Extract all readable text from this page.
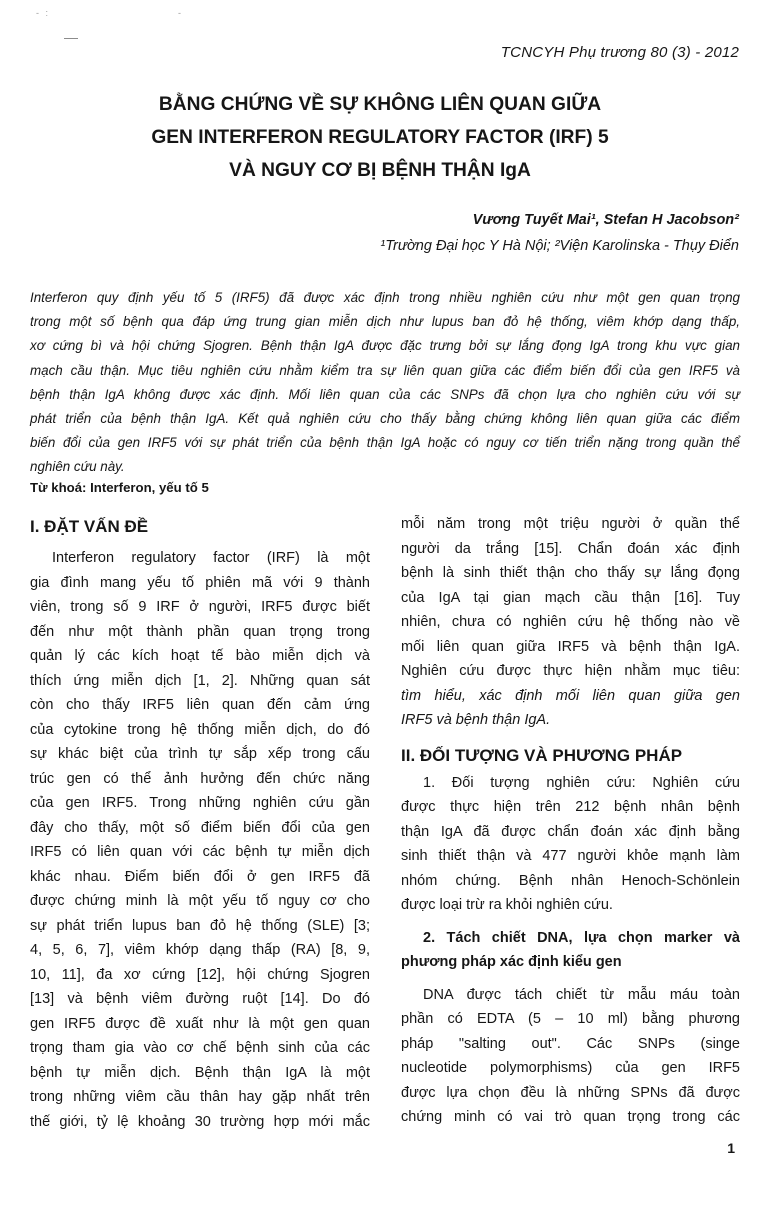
- :	-
TCNCYH Phụ trương 80 (3) - 2012

BẰNG CHỨNG VỀ SỰ KHÔNG LIÊN QUAN GIỮA

GEN INTERFERON REGULATORY FACTOR (IRF) 5

VÀ NGUY CƠ BỊ BỆNH THẬN IgA

Vương Tuyết Mai¹, Stefan H Jacobson²
¹Trường Đại học Y Hà Nội; ²Viện Karolinska - Thụy Điển

Interferon quy định yếu tố 5 (IRF5) đã được xác định trong nhiều nghiên cứu như một gen quan trọng

trong một số bệnh qua đáp ứng trung gian miễn dịch như lupus ban đỏ hệ thống, viêm khớp dạng thấp,

xơ cứng bì và hội chứng Sjogren. Bệnh thận IgA được đặc trưng bởi sự lắng đọng IgA trong khu vực gian

mạch cầu thận. Mục tiêu nghiên cứu nhằm kiểm tra sự liên quan giữa các điểm biến đổi của gen IRF5 và

bệnh thận IgA không được xác định. Mối liên quan của các SNPs đã chọn lựa cho nghiên cứu với sự

phát triển của bệnh thận IgA. Kết quả nghiên cứu cho thấy bằng chứng không liên quan giữa các điểm

biến đổi của gen IRF5 với sự phát triển của bệnh thận IgA hoặc có nguy cơ tiến triển nặng trong quần thể

nghiên cứu này.

Từ khoá: Interferon, yếu tố 5
I. ĐẶT VẤN ĐỀ
Interferon regulatory factor (IRF) là một
gia đình mang yếu tố phiên mã với 9 thành
viên, trong số 9 IRF ở người, IRF5 được biết
đến như một thành phần quan trọng trong
quản lý các kích hoạt tế bào miễn dịch và
thích ứng miễn dịch [1, 2]. Những quan sát
còn cho thấy IRF5 liên quan đến cảm ứng
của cytokine trong hệ thống miễn dịch, do đó
sự khác biệt của trình tự sắp xếp trong cấu
trúc gen có thể ảnh hưởng đến chức năng
của gen IRF5. Trong những nghiên cứu gần
đây cho thấy, một số điểm biến đổi của gen
IRF5 có liên quan với các bệnh tự miễn dịch
khác nhau. Điểm biến đổi ở gen IRF5 đã
được chứng minh là một yếu tố nguy cơ cho
sự phát triển lupus ban đỏ hệ thống (SLE) [3;
4, 5, 6, 7], viêm khớp dạng thấp (RA) [8, 9,
10, 11], đa xơ cứng [12], hội chứng Sjogren
[13] và bệnh viêm đường ruột [14]. Do đó
gen IRF5 được đề xuất như là một gen quan
trọng tham gia vào cơ chế bệnh sinh của các
bệnh tự miễn dịch. Bệnh thận IgA là một
trong những viêm cầu thân hay gặp nhất trên
thế giới, tỷ lệ khoảng 30 trường hợp mới mắc
mỗi năm trong một triệu người ở quần thể
người da trắng [15]. Chẩn đoán xác định
bệnh là sinh thiết thận cho thấy sự lắng đọng
của IgA tại gian mạch cầu thận [16]. Tuy
nhiên, chưa có nghiên cứu hệ thống nào về
mối liên quan giữa IRF5 và bệnh thận IgA.
Nghiên cứu được thực hiện nhằm mục tiêu:
tìm hiểu, xác định mối liên quan giữa gen
IRF5 và bệnh thận IgA.
II. ĐỐI TƯỢNG VÀ PHƯƠNG PHÁP
1. Đối tượng nghiên cứu: Nghiên cứu
được thực hiện trên 212 bệnh nhân bệnh
thận IgA đã được chẩn đoán xác định bằng
sinh thiết thận và 477 người khỏe mạnh làm
nhóm chứng. Bệnh nhân Henoch-Schönlein
được loại trừ ra khỏi nghiên cứu.
2. Tách chiết DNA, lựa chọn marker và
phương pháp xác định kiểu gen
DNA được tách chiết từ mẫu máu toàn
phần có EDTA (5 – 10 ml) bằng phương
pháp "salting out". Các SNPs (singe
nucleotide polymorphisms) của gen IRF5
được lựa chọn đều là những SPNs đã được
chứng minh có vai trò quan trọng trong các
1
